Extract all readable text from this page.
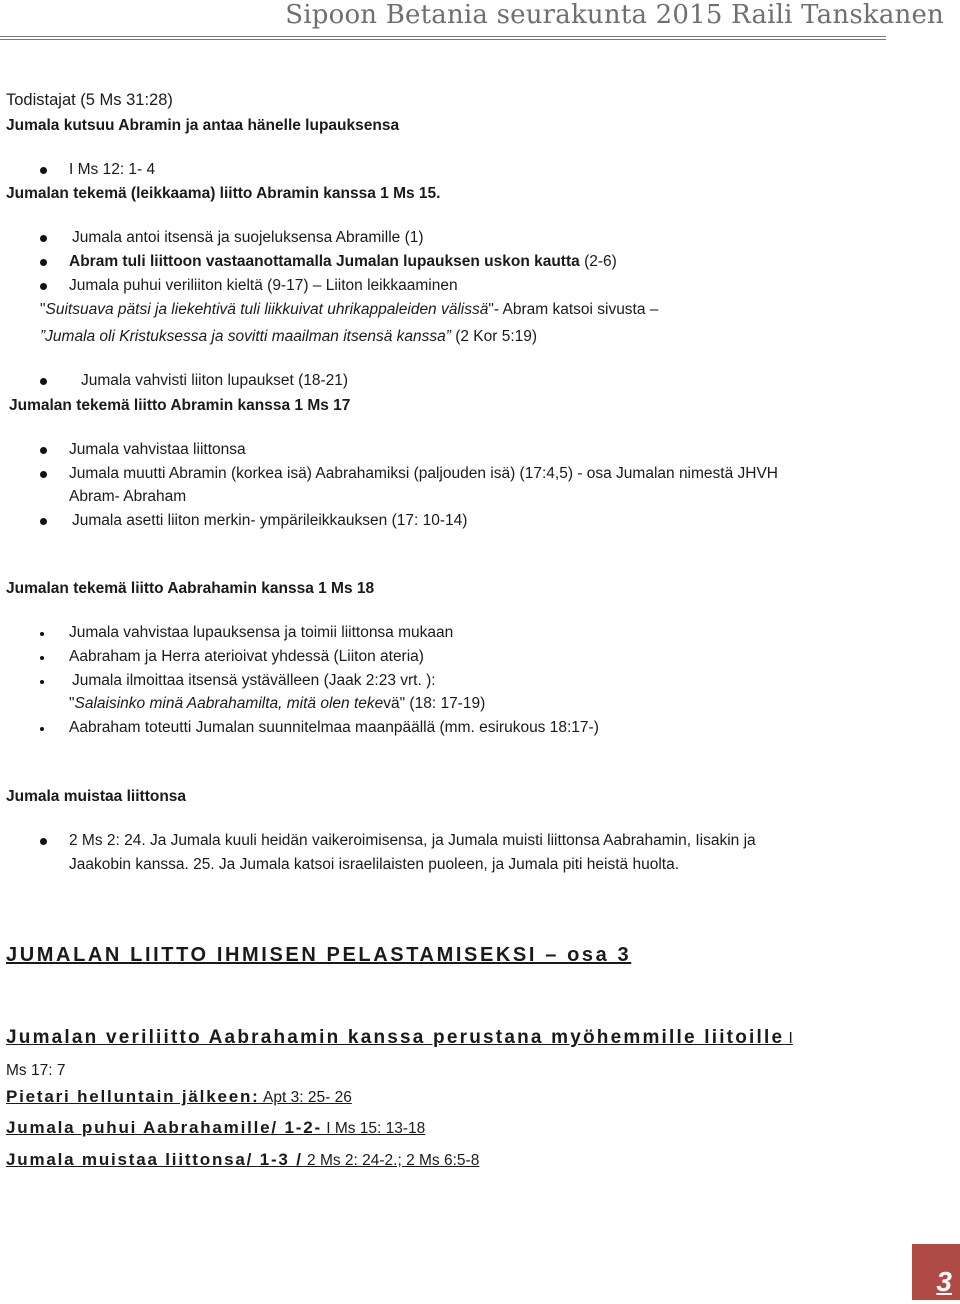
Sipoon Betania seurakunta 2015 Raili Tanskanen
Todistajat (5 Ms 31:28)
Jumala kutsuu Abramin ja antaa hänelle lupauksensa
I Ms 12: 1- 4
Jumalan tekemä (leikkaama) liitto Abramin kanssa 1 Ms 15.
Jumala antoi itsensä ja suojeluksensa Abramille (1)
Abram tuli liittoon vastaanottamalla Jumalan lupauksen uskon kautta (2-6)
Jumala puhui veriliiton kieltä (9-17) – Liiton leikkaaminen
"Suitsuava pätsi ja liekehtivä tuli liikkuivat uhrikappaleiden välissä"- Abram katsoi sivusta –
”Jumala oli Kristuksessa ja sovitti maailman itsensä kanssa” (2 Kor 5:19)
Jumala vahvisti liiton lupaukset (18-21)
Jumalan tekemä liitto Abramin kanssa 1 Ms 17
Jumala vahvistaa liittonsa
Jumala muutti Abramin (korkea isä) Aabrahamiksi (paljouden isä) (17:4,5) - osa Jumalan nimestä JHVH
Abram- Abraham
Jumala asetti liiton merkin- ympärileikkauksen (17: 10-14)
Jumalan tekemä liitto Aabrahamin kanssa 1 Ms 18
Jumala vahvistaa lupauksensa ja toimii liittonsa mukaan
Aabraham ja Herra aterioivat yhdessä (Liiton ateria)
Jumala ilmoittaa itsensä ystävälleen (Jaak 2:23 vrt. ):
"Salaisinko minä Aabrahamilta, mitä olen tekevä" (18: 17-19)
Aabraham toteutti Jumalan suunnitelmaa maanpäällä (mm. esirukous 18:17-)
Jumala muistaa liittonsa
2 Ms 2: 24. Ja Jumala kuuli heidän vaikeroimisensa, ja Jumala muisti liittonsa Aabrahamin, Iisakin ja
Jaakobin kanssa. 25. Ja Jumala katsoi israelilaisten puoleen, ja Jumala piti heistä huolta.
JUMALAN LIITTO IHMISEN PELASTAMISEKSI – osa 3
Jumalan veriliitto Aabrahamin kanssa perustana myöhemmille liitoille I
Ms 17: 7
Pietari helluntain jälkeen: Apt 3: 25- 26
Jumala puhui Aabrahamille/ 1-2- I Ms 15: 13-18
Jumala muistaa liittonsa/ 1-3 / 2 Ms 2: 24-2.; 2 Ms 6:5-8
3
